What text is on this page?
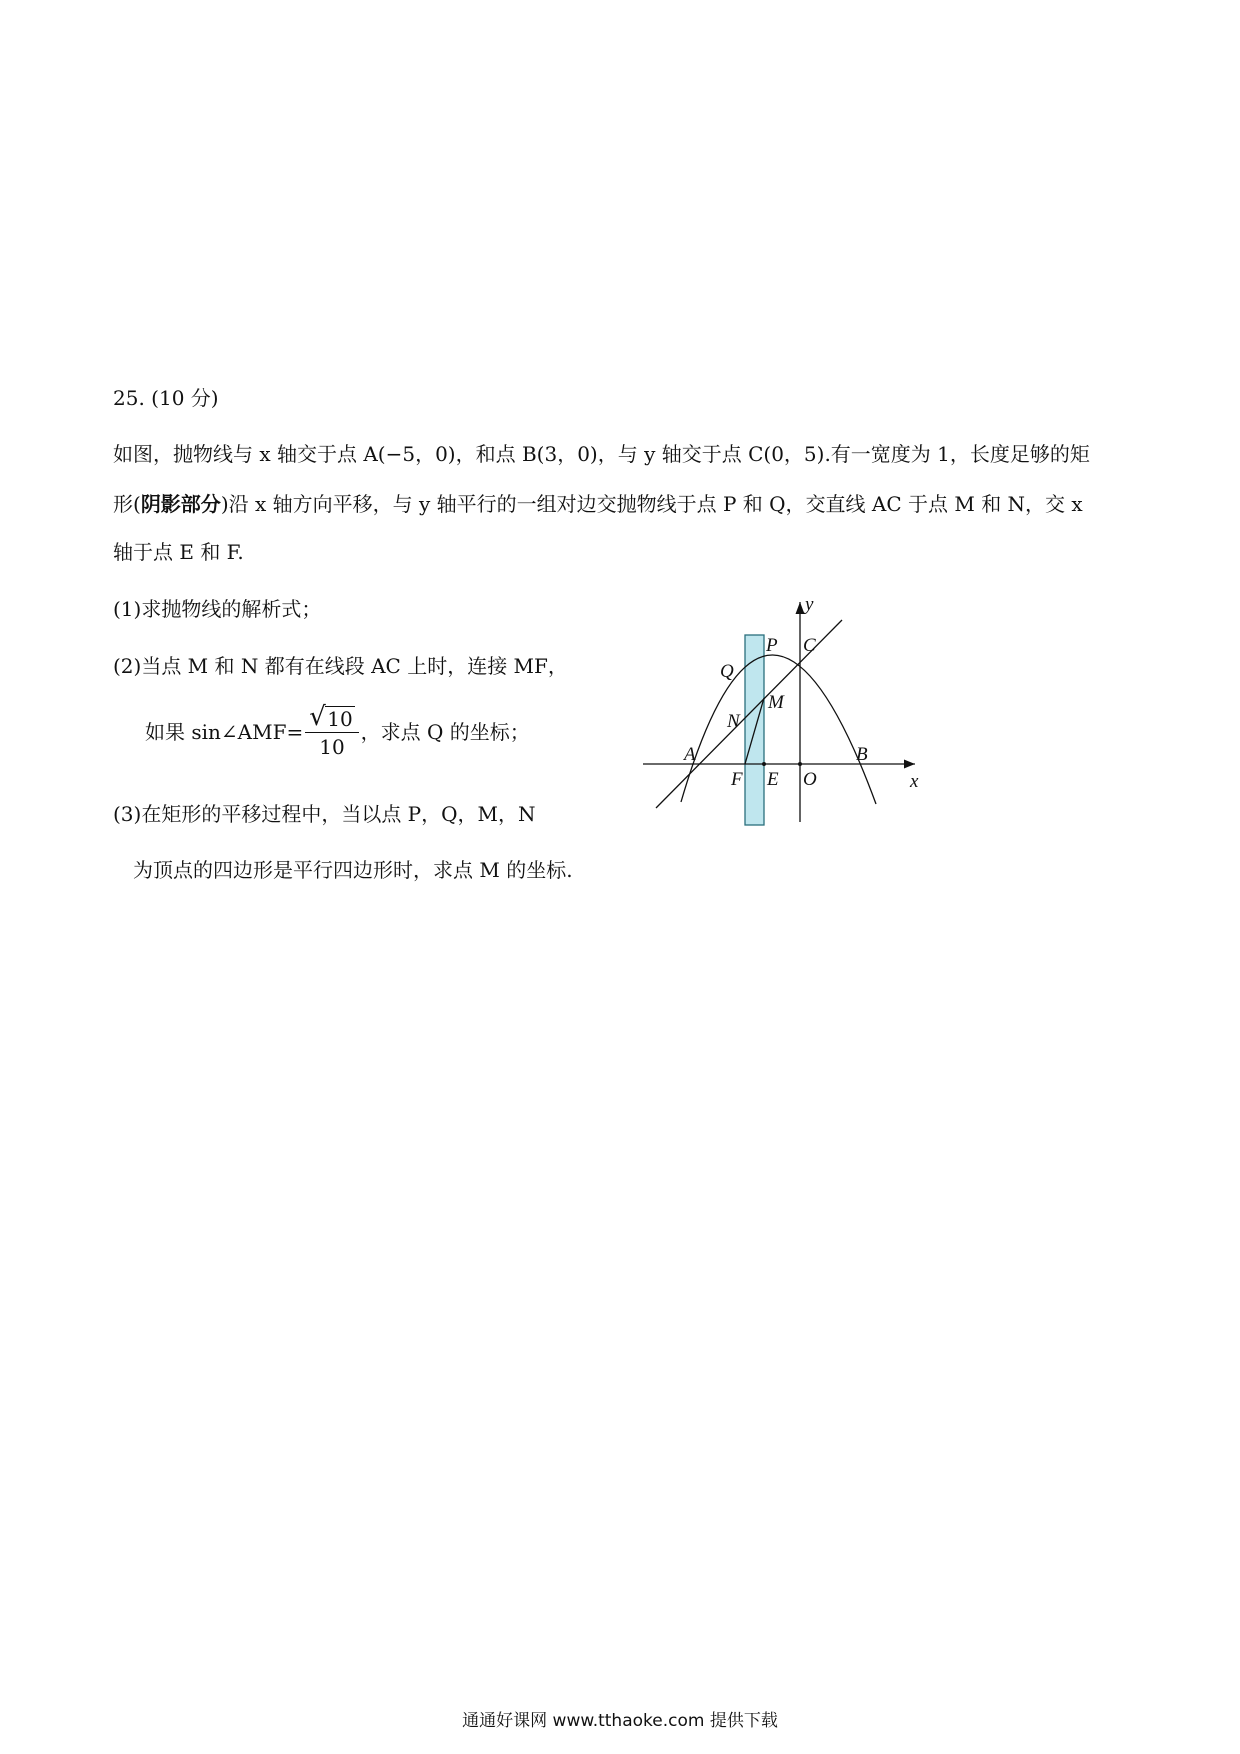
25. (10 分)
如图，抛物线与 x 轴交于点 A(−5，0)，和点 B(3，0)，与 y 轴交于点 C(0，5).有一宽度为 1，长度足够的矩
形(阴影部分)沿 x 轴方向平移，与 y 轴平行的一组对边交抛物线于点 P 和 Q，交直线 AC 于点 M 和 N，交 x
轴于点 E 和 F.
(1)求抛物线的解析式；
(2)当点 M 和 N 都有在线段 AC 上时，连接 MF，
如果 sin∠AMF= $\frac{√ 10}{10}$ ，求点 Q 的坐标；
(3)在矩形的平移过程中，当以点 P，Q，M，N
为顶点的四边形是平行四边形时，求点 M 的坐标.
y
x
A	B
C
P
Q
M
N
E
F	O
通通好课网 www.tthaoke.com 提供下载
